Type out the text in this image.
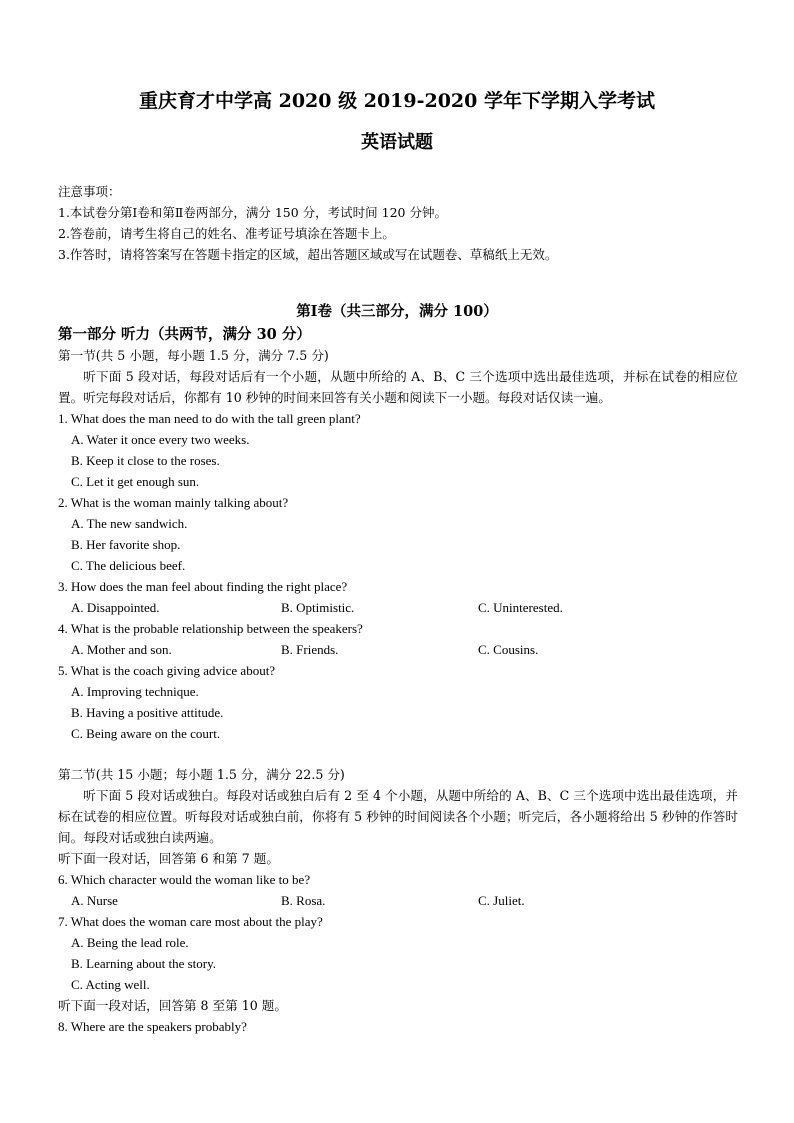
重庆育才中学高 2020 级 2019-2020 学年下学期入学考试
英语试题
注意事项：
1.本试卷分第Ⅰ卷和第Ⅱ卷两部分，满分 150 分，考试时间 120 分钟。
2.答卷前，请考生将自己的姓名、准考证号填涂在答题卡上。
3.作答时，请将答案写在答题卡指定的区域，超出答题区域或写在试题卷、草稿纸上无效。
第Ⅰ卷（共三部分，满分 100）
第一部分 听力（共两节，满分 30 分）
第一节(共 5 小题，每小题 1.5 分，满分 7.5 分)
听下面 5 段对话，每段对话后有一个小题，从题中所给的 A、B、C 三个选项中选出最佳选项，并标在试卷的相应位置。听完每段对话后，你都有 10 秒钟的时间来回答有关小题和阅读下一小题。每段对话仅读一遍。
1. What does the man need to do with the tall green plant?
A. Water it once every two weeks.
B. Keep it close to the roses.
C. Let it get enough sun.
2. What is the woman mainly talking about?
A. The new sandwich.
B. Her favorite shop.
C. The delicious beef.
3. How does the man feel about finding the right place?
A. Disappointed.	B. Optimistic.	C. Uninterested.
4. What is the probable relationship between the speakers?
A. Mother and son.	B. Friends.	C. Cousins.
5. What is the coach giving advice about?
A. Improving technique.
B. Having a positive attitude.
C. Being aware on the court.
第二节(共 15 小题；每小题 1.5 分，满分 22.5 分)
听下面 5 段对话或独白。每段对话或独白后有 2 至 4 个小题，从题中所给的 A、B、C 三个选项中选出最佳选项，并标在试卷的相应位置。听每段对话或独白前，你将有 5 秒钟的时间阅读各个小题；听完后，各小题将给出 5 秒钟的作答时间。每段对话或独白读两遍。
听下面一段对话，回答第 6 和第 7 题。
6. Which character would the woman like to be?
A. Nurse	B. Rosa.	C. Juliet.
7. What does the woman care most about the play?
A. Being the lead role.
B. Learning about the story.
C. Acting well.
听下面一段对话，回答第 8 至第 10 题。
8. Where are the speakers probably?
